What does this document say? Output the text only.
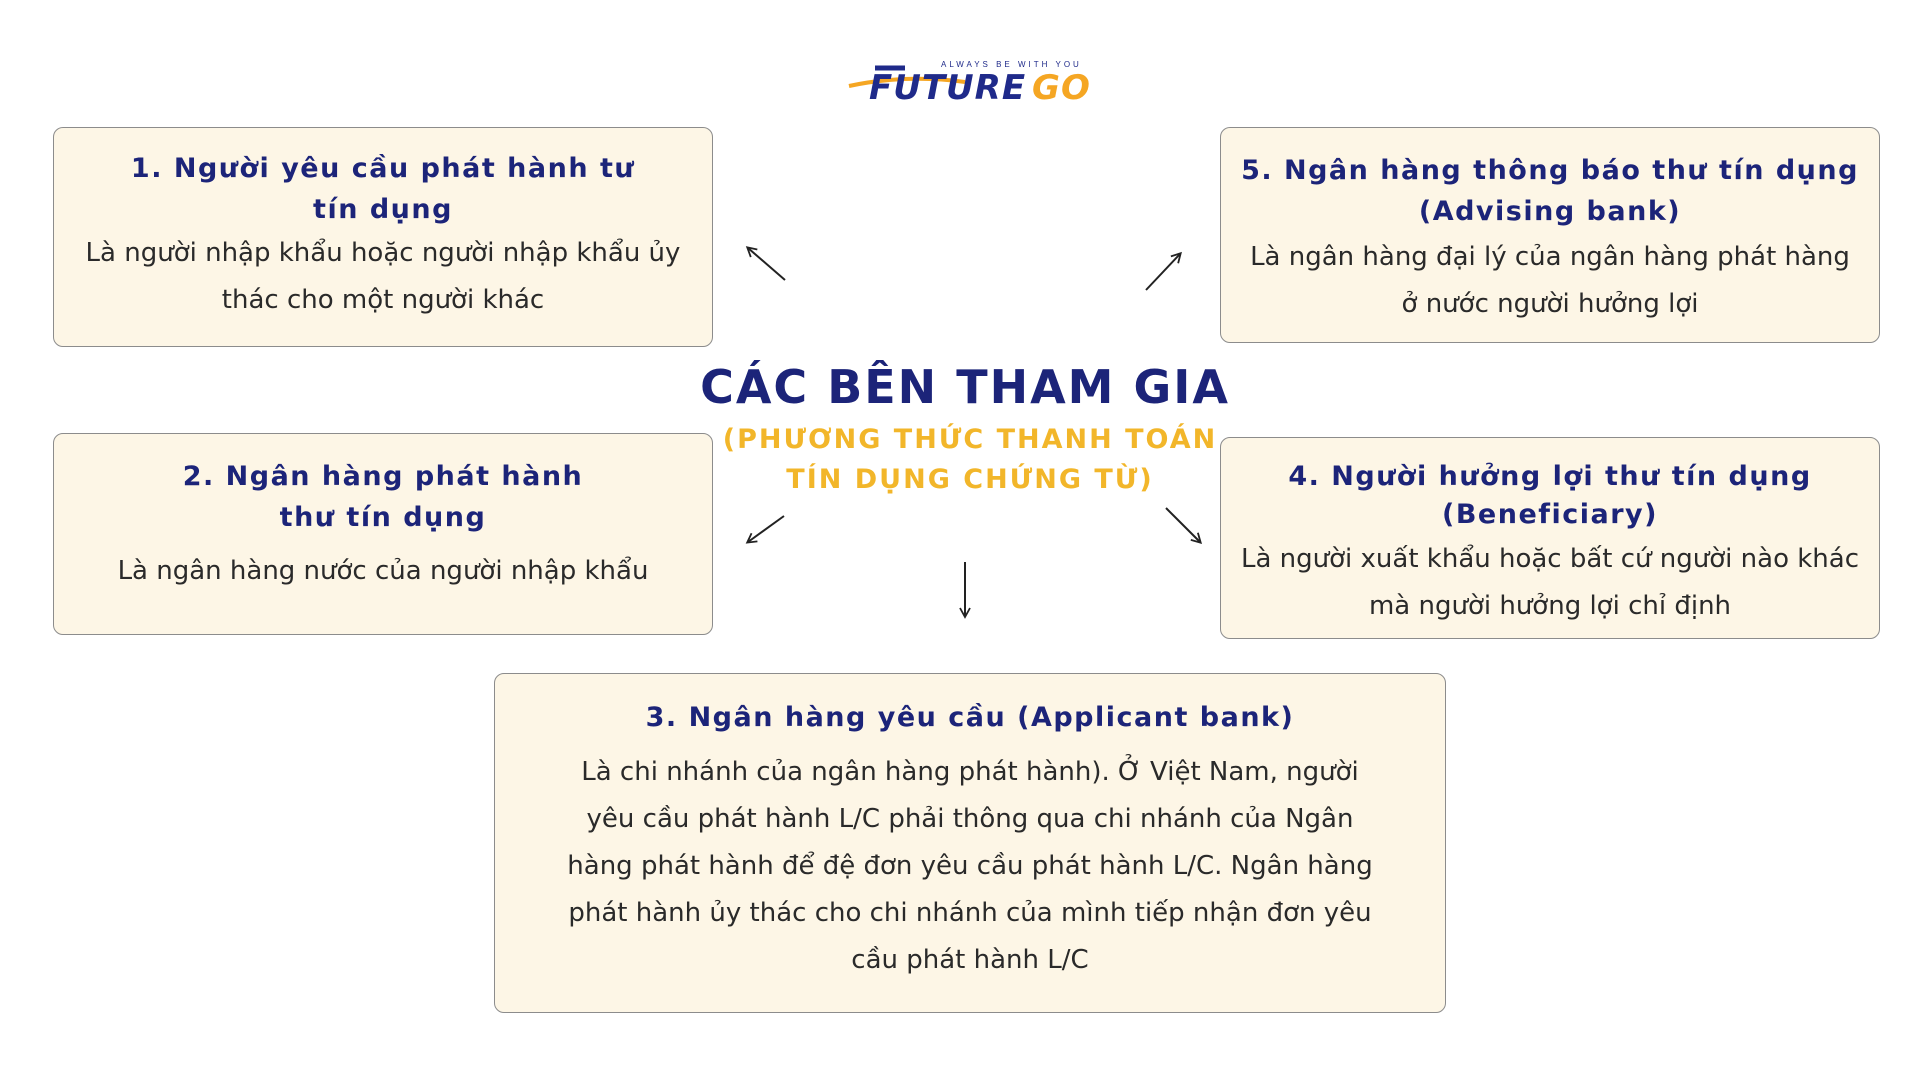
ALWAYS BE WITH YOU
FUTURE GO
1. Người yêu cầu phát hành tư tín dụng
Là người nhập khẩu hoặc người nhập khẩu ủy thác cho một người khác
5. Ngân hàng thông báo thư tín dụng (Advising bank)
Là ngân hàng đại lý của ngân hàng phát hàng ở nước người hưởng lợi
CÁC BÊN THAM GIA
(PHƯƠNG THỨC THANH TOÁN TÍN DỤNG CHỨNG TỪ)
2. Ngân hàng phát hành thư tín dụng
Là ngân hàng nước của người nhập khẩu
4. Người hưởng lợi thư tín dụng (Beneficiary)
Là người xuất khẩu hoặc bất cứ người nào khác mà người hưởng lợi chỉ định
3. Ngân hàng yêu cầu (Applicant bank)
Là chi nhánh của ngân hàng phát hành). Ở Việt Nam, người yêu cầu phát hành L/C phải thông qua chi nhánh của Ngân hàng phát hành để đệ đơn yêu cầu phát hành L/C. Ngân hàng phát hành ủy thác cho chi nhánh của mình tiếp nhận đơn yêu cầu phát hành L/C
